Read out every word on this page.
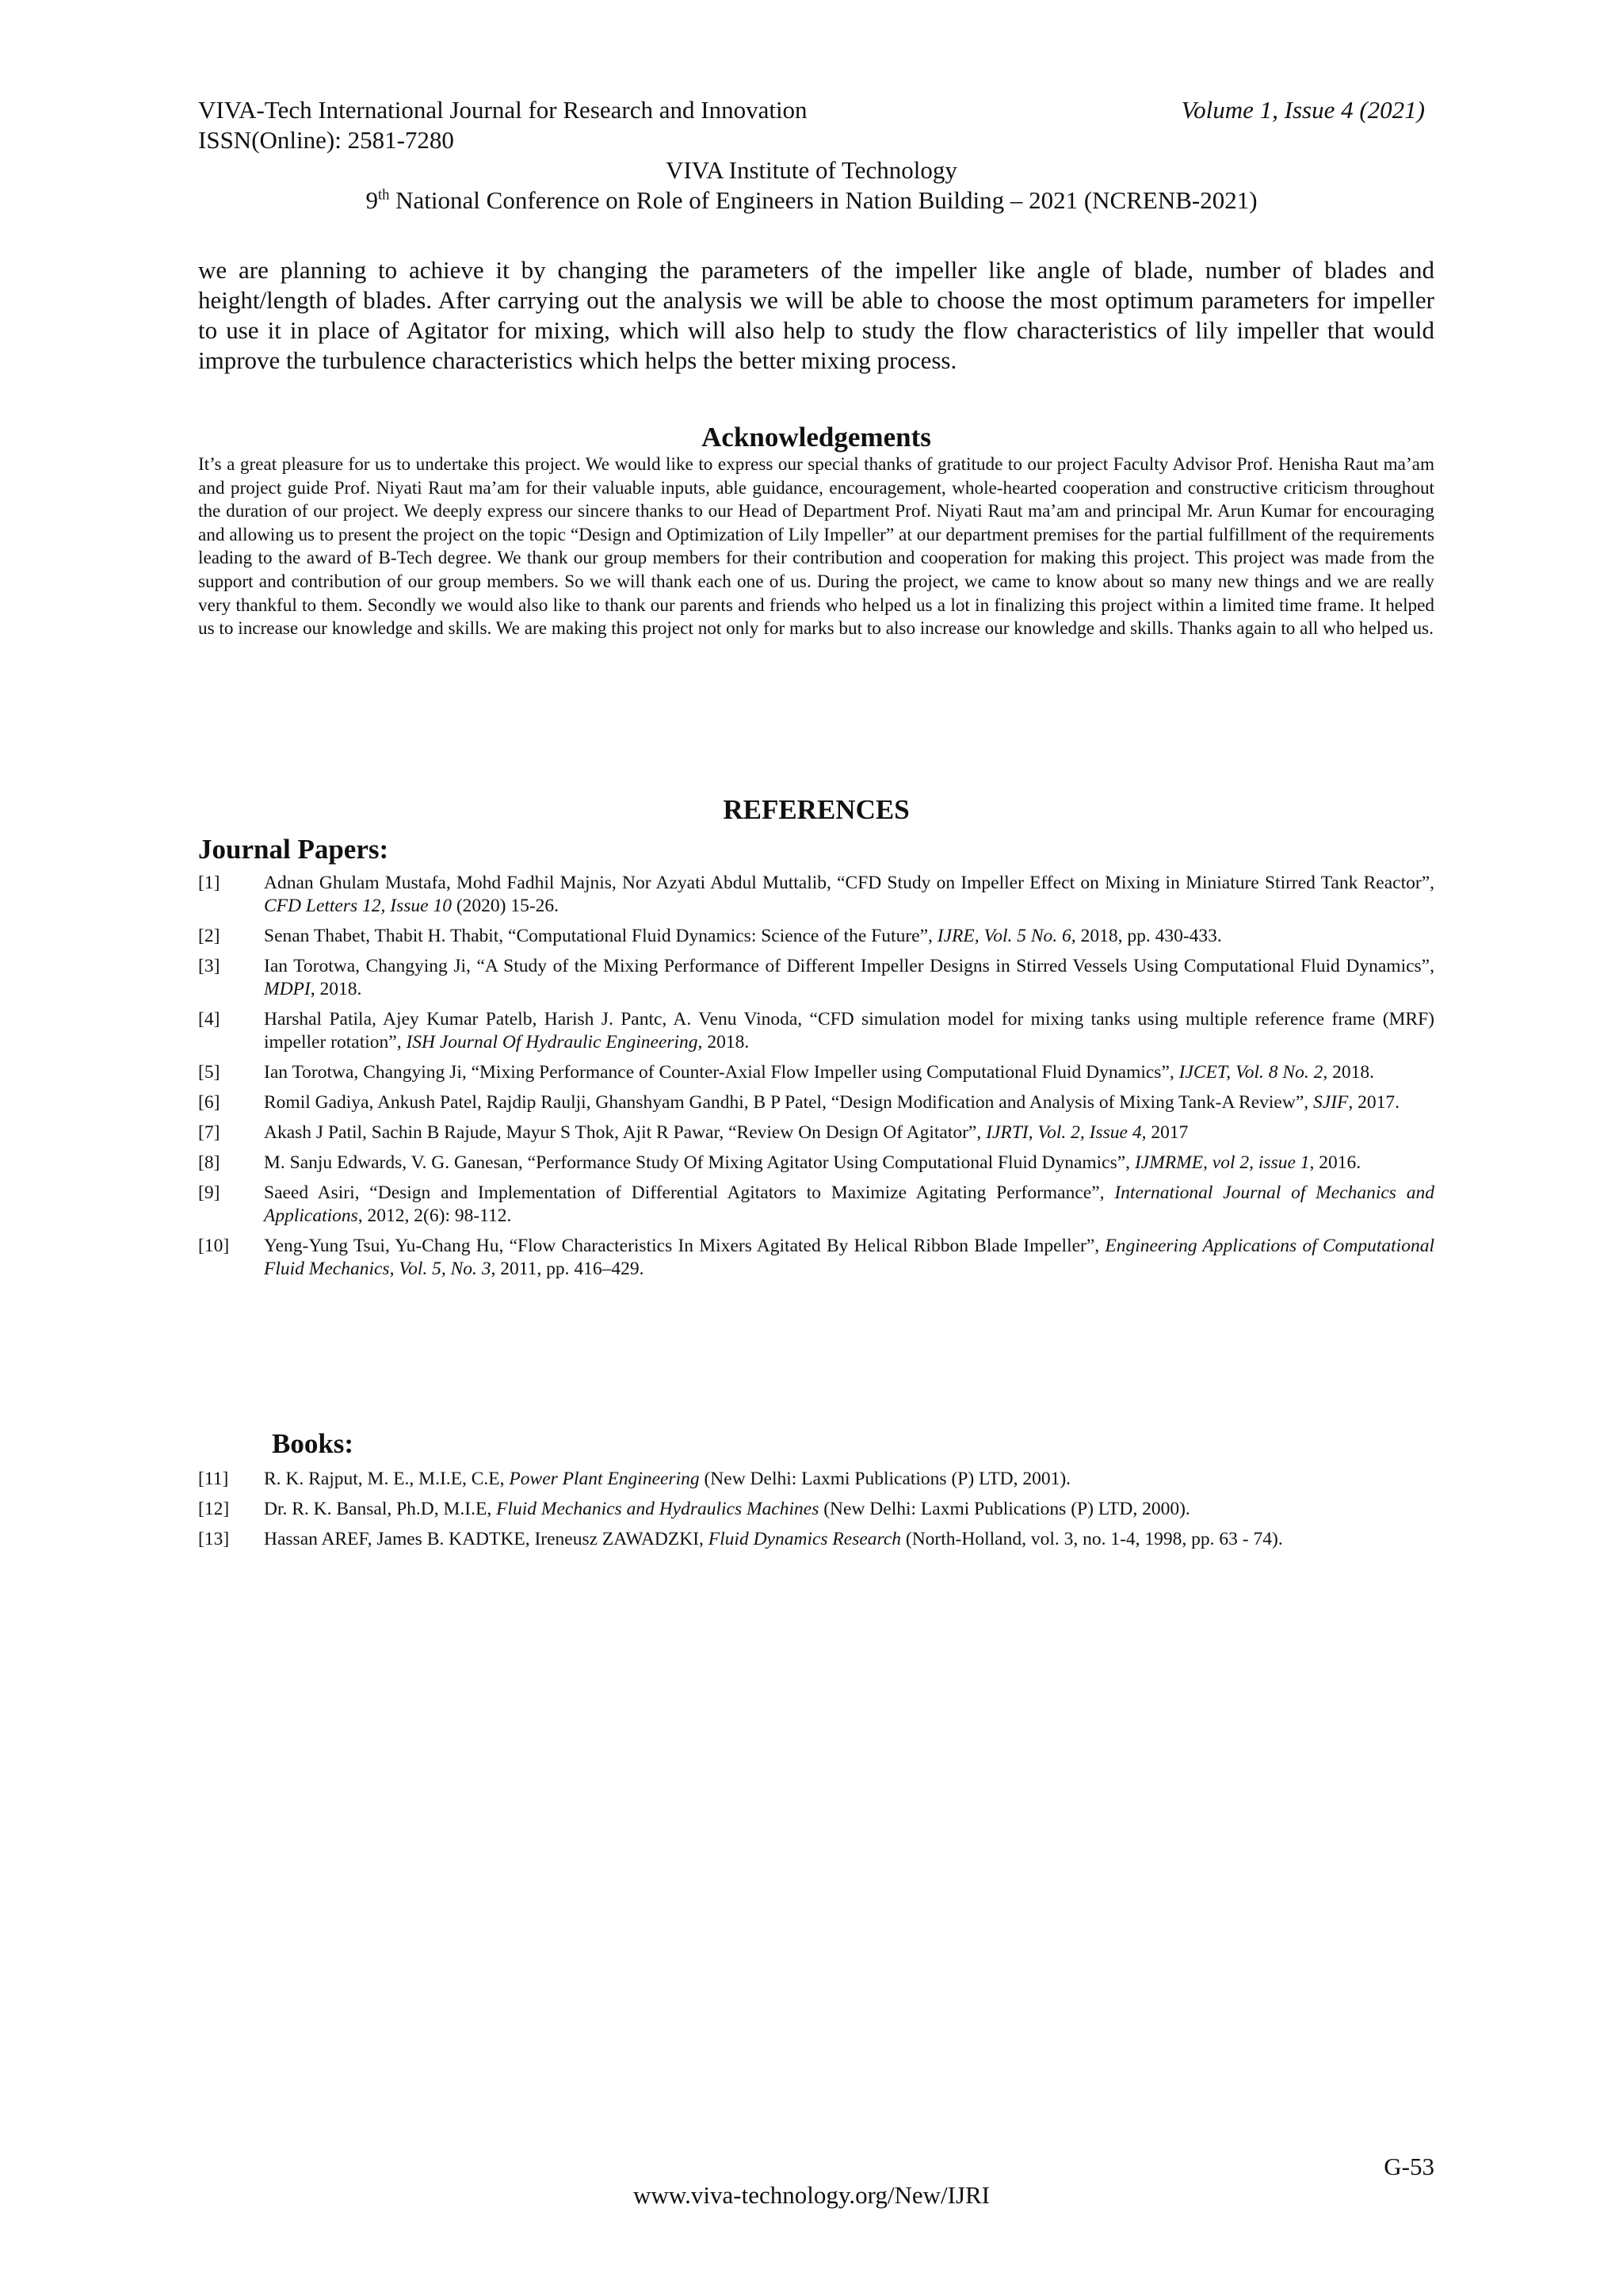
VIVA-Tech International Journal for Research and Innovation	Volume 1, Issue 4 (2021)
ISSN(Online): 2581-7280
VIVA Institute of Technology
9th National Conference on Role of Engineers in Nation Building – 2021 (NCRENB-2021)

we are planning to achieve it by changing the parameters of the impeller like angle of blade, number of blades and height/length of blades. After carrying out the analysis we will be able to choose the most optimum parameters for impeller to use it in place of Agitator for mixing, which will also help to study the flow characteristics of lily impeller that would improve the turbulence characteristics which helps the better mixing process.

Acknowledgements

It’s a great pleasure for us to undertake this project. We would like to express our special thanks of gratitude to our project Faculty Advisor Prof. Henisha Raut ma’am and project guide Prof. Niyati Raut ma’am for their valuable inputs, able guidance, encouragement, whole-hearted cooperation and constructive criticism throughout the duration of our project. We deeply express our sincere thanks to our Head of Department Prof. Niyati Raut ma’am and principal Mr. Arun Kumar for encouraging and allowing us to present the project on the topic “Design and Optimization of Lily Impeller” at our department premises for the partial fulfillment of the requirements leading to the award of B-Tech degree. We thank our group members for their contribution and cooperation for making this project. This project was made from the support and contribution of our group members. So we will thank each one of us. During the project, we came to know about so many new things and we are really very thankful to them. Secondly we would also like to thank our parents and friends who helped us a lot in finalizing this project within a limited time frame. It helped us to increase our knowledge and skills. We are making this project not only for marks but to also increase our knowledge and skills. Thanks again to all who helped us.

REFERENCES
Journal Papers:
[1]	Adnan Ghulam Mustafa, Mohd Fadhil Majnis, Nor Azyati Abdul Muttalib, “CFD Study on Impeller Effect on Mixing in Miniature Stirred Tank Reactor”, CFD Letters 12, Issue 10 (2020) 15-26.
[2]	Senan Thabet, Thabit H. Thabit, “Computational Fluid Dynamics: Science of the Future”, IJRE, Vol. 5 No. 6, 2018, pp. 430-433.
[3]	Ian Torotwa, Changying Ji, “A Study of the Mixing Performance of Different Impeller Designs in Stirred Vessels Using Computational Fluid Dynamics”, MDPI, 2018.
[4]	Harshal Patila, Ajey Kumar Patelb, Harish J. Pantc, A. Venu Vinoda, “CFD simulation model for mixing tanks using multiple reference frame (MRF) impeller rotation”, ISH Journal Of Hydraulic Engineering, 2018.
[5]	Ian Torotwa, Changying Ji, “Mixing Performance of Counter-Axial Flow Impeller using Computational Fluid Dynamics”, IJCET, Vol. 8 No. 2, 2018.
[6]	Romil Gadiya, Ankush Patel, Rajdip Raulji, Ghanshyam Gandhi, B P Patel, “Design Modification and Analysis of Mixing Tank-A Review”, SJIF, 2017.
[7]	Akash J Patil, Sachin B Rajude, Mayur S Thok, Ajit R Pawar, “Review On Design Of Agitator”, IJRTI, Vol. 2, Issue 4, 2017
[8]	M. Sanju Edwards, V. G. Ganesan, “Performance Study Of Mixing Agitator Using Computational Fluid Dynamics”, IJMRME, vol 2, issue 1, 2016.
[9]	Saeed Asiri, “Design and Implementation of Differential Agitators to Maximize Agitating Performance”, International Journal of Mechanics and Applications, 2012, 2(6): 98-112.
[10]	Yeng-Yung Tsui, Yu-Chang Hu, “Flow Characteristics In Mixers Agitated By Helical Ribbon Blade Impeller”, Engineering Applications of Computational Fluid Mechanics, Vol. 5, No. 3, 2011, pp. 416–429.
Books:
[11]	R. K. Rajput, M. E., M.I.E, C.E, Power Plant Engineering (New Delhi: Laxmi Publications (P) LTD, 2001).
[12]	Dr. R. K. Bansal, Ph.D, M.I.E, Fluid Mechanics and Hydraulics Machines (New Delhi: Laxmi Publications (P) LTD, 2000).
[13]	Hassan AREF, James B. KADTKE, Ireneusz ZAWADZKI, Fluid Dynamics Research (North-Holland, vol. 3, no. 1-4, 1998, pp. 63 - 74).
G-53
www.viva-technology.org/New/IJRI
